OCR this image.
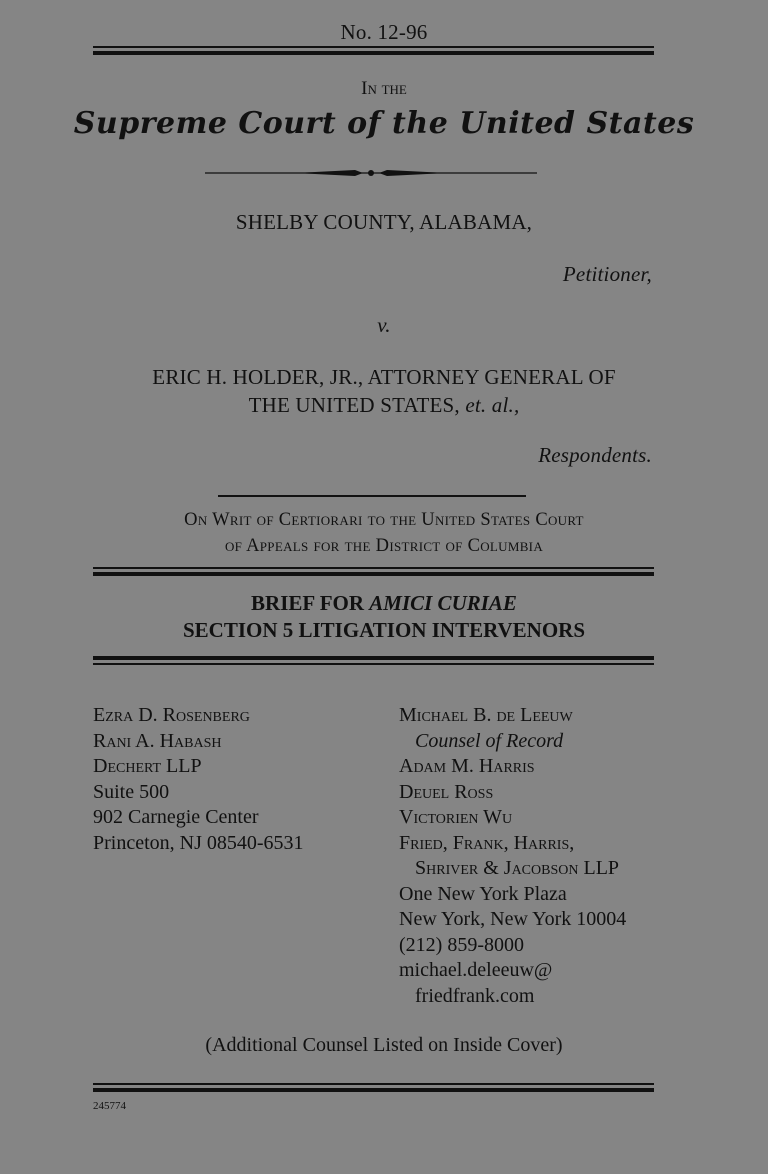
No. 12-96
In the
Supreme Court of the United States
SHELBY COUNTY, ALABAMA,
Petitioner,
v.
ERIC H. HOLDER, JR., ATTORNEY GENERAL OF
THE UNITED STATES, et. al.,
Respondents.
On Writ of Certiorari to the United States Court
of Appeals for the District of Columbia
BRIEF FOR AMICI CURIAE
SECTION 5 LITIGATION INTERVENORS
Ezra D. Rosenberg
Rani A. Habash
Dechert LLP
Suite 500
902 Carnegie Center
Princeton, NJ 08540-6531
Michael B. de Leeuw
Counsel of Record
Adam M. Harris
Deuel Ross
Victorien Wu
Fried, Frank, Harris,
Shriver & Jacobson LLP
One New York Plaza
New York, New York 10004
(212) 859-8000
michael.deleeuw@
friedfrank.com
(Additional Counsel Listed on Inside Cover)
245774
